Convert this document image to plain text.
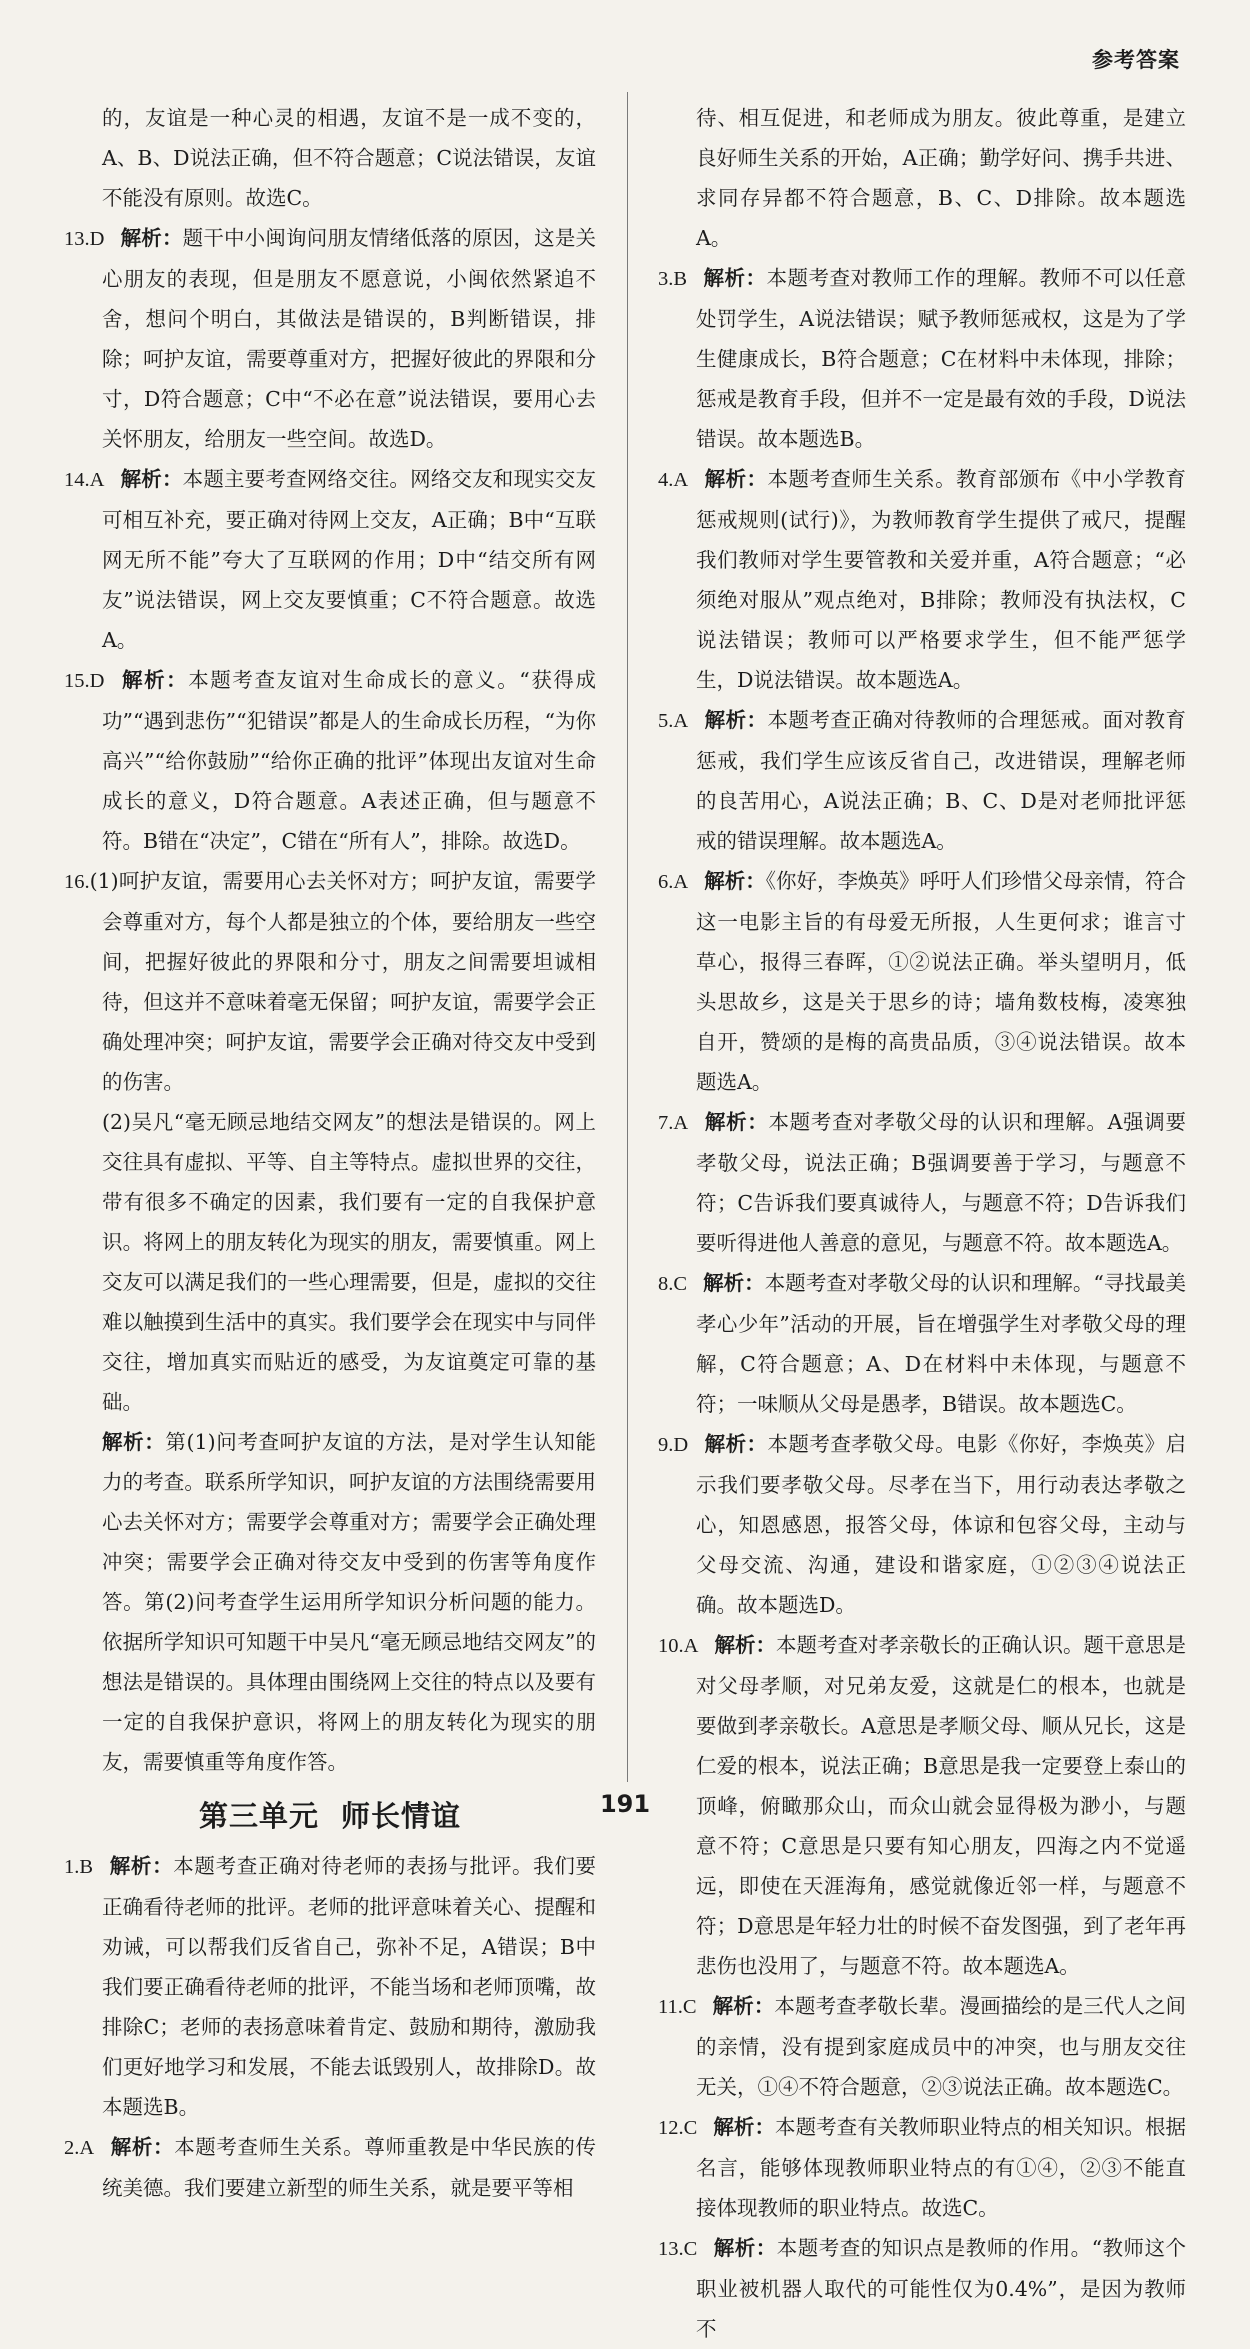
参考答案

的，友谊是一种心灵的相遇，友谊不是一成不变的，A、B、D说法正确，但不符合题意；C说法错误，友谊不能没有原则。故选C。

13.D 解析：题干中小闽询问朋友情绪低落的原因，这是关心朋友的表现，但是朋友不愿意说，小闽依然紧追不舍，想问个明白，其做法是错误的，B判断错误，排除；呵护友谊，需要尊重对方，把握好彼此的界限和分寸，D符合题意；C中“不必在意”说法错误，要用心去关怀朋友，给朋友一些空间。故选D。

14.A 解析：本题主要考查网络交往。网络交友和现实交友可相互补充，要正确对待网上交友，A正确；B中“互联网无所不能”夸大了互联网的作用；D中“结交所有网友”说法错误，网上交友要慎重；C不符合题意。故选A。

15.D 解析：本题考查友谊对生命成长的意义。“获得成功”“遇到悲伤”“犯错误”都是人的生命成长历程，“为你高兴”“给你鼓励”“给你正确的批评”体现出友谊对生命成长的意义，D符合题意。A表述正确，但与题意不符。B错在“决定”，C错在“所有人”，排除。故选D。

16.(1)呵护友谊，需要用心去关怀对方；呵护友谊，需要学会尊重对方，每个人都是独立的个体，要给朋友一些空间，把握好彼此的界限和分寸，朋友之间需要坦诚相待，但这并不意味着毫无保留；呵护友谊，需要学会正确处理冲突；呵护友谊，需要学会正确对待交友中受到的伤害。

(2)吴凡“毫无顾忌地结交网友”的想法是错误的。网上交往具有虚拟、平等、自主等特点。虚拟世界的交往，带有很多不确定的因素，我们要有一定的自我保护意识。将网上的朋友转化为现实的朋友，需要慎重。网上交友可以满足我们的一些心理需要，但是，虚拟的交往难以触摸到生活中的真实。我们要学会在现实中与同伴交往，增加真实而贴近的感受，为友谊奠定可靠的基础。

解析：第(1)问考查呵护友谊的方法，是对学生认知能力的考查。联系所学知识，呵护友谊的方法围绕需要用心去关怀对方；需要学会尊重对方；需要学会正确处理冲突；需要学会正确对待交友中受到的伤害等角度作答。第(2)问考查学生运用所学知识分析问题的能力。依据所学知识可知题干中吴凡“毫无顾忌地结交网友”的想法是错误的。具体理由围绕网上交往的特点以及要有一定的自我保护意识，将网上的朋友转化为现实的朋友，需要慎重等角度作答。

第三单元 师长情谊

1.B 解析：本题考查正确对待老师的表扬与批评。我们要正确看待老师的批评。老师的批评意味着关心、提醒和劝诫，可以帮我们反省自己，弥补不足，A错误；B中我们要正确看待老师的批评，不能当场和老师顶嘴，故排除C；老师的表扬意味着肯定、鼓励和期待，激励我们更好地学习和发展，不能去诋毁别人，故排除D。故本题选B。

2.A 解析：本题考查师生关系。尊师重教是中华民族的传统美德。我们要建立新型的师生关系，就是要平等相

待、相互促进，和老师成为朋友。彼此尊重，是建立良好师生关系的开始，A正确；勤学好问、携手共进、求同存异都不符合题意，B、C、D排除。故本题选A。

3.B 解析：本题考查对教师工作的理解。教师不可以任意处罚学生，A说法错误；赋予教师惩戒权，这是为了学生健康成长，B符合题意；C在材料中未体现，排除；惩戒是教育手段，但并不一定是最有效的手段，D说法错误。故本题选B。

4.A 解析：本题考查师生关系。教育部颁布《中小学教育惩戒规则(试行)》，为教师教育学生提供了戒尺，提醒我们教师对学生要管教和关爱并重，A符合题意；“必须绝对服从”观点绝对，B排除；教师没有执法权，C说法错误；教师可以严格要求学生，但不能严惩学生，D说法错误。故本题选A。

5.A 解析：本题考查正确对待教师的合理惩戒。面对教育惩戒，我们学生应该反省自己，改进错误，理解老师的良苦用心，A说法正确；B、C、D是对老师批评惩戒的错误理解。故本题选A。

6.A 解析：《你好，李焕英》呼吁人们珍惜父母亲情，符合这一电影主旨的有母爱无所报，人生更何求；谁言寸草心，报得三春晖，①②说法正确。举头望明月，低头思故乡，这是关于思乡的诗；墙角数枝梅，凌寒独自开，赞颂的是梅的高贵品质，③④说法错误。故本题选A。

7.A 解析：本题考查对孝敬父母的认识和理解。A强调要孝敬父母，说法正确；B强调要善于学习，与题意不符；C告诉我们要真诚待人，与题意不符；D告诉我们要听得进他人善意的意见，与题意不符。故本题选A。

8.C 解析：本题考查对孝敬父母的认识和理解。“寻找最美孝心少年”活动的开展，旨在增强学生对孝敬父母的理解，C符合题意；A、D在材料中未体现，与题意不符；一味顺从父母是愚孝，B错误。故本题选C。

9.D 解析：本题考查孝敬父母。电影《你好，李焕英》启示我们要孝敬父母。尽孝在当下，用行动表达孝敬之心，知恩感恩，报答父母，体谅和包容父母，主动与父母交流、沟通，建设和谐家庭，①②③④说法正确。故本题选D。

10.A 解析：本题考查对孝亲敬长的正确认识。题干意思是对父母孝顺，对兄弟友爱，这就是仁的根本，也就是要做到孝亲敬长。A意思是孝顺父母、顺从兄长，这是仁爱的根本，说法正确；B意思是我一定要登上泰山的顶峰，俯瞰那众山，而众山就会显得极为渺小，与题意不符；C意思是只要有知心朋友，四海之内不觉遥远，即使在天涯海角，感觉就像近邻一样，与题意不符；D意思是年轻力壮的时候不奋发图强，到了老年再悲伤也没用了，与题意不符。故本题选A。

11.C 解析：本题考查孝敬长辈。漫画描绘的是三代人之间的亲情，没有提到家庭成员中的冲突，也与朋友交往无关，①④不符合题意，②③说法正确。故本题选C。

12.C 解析：本题考查有关教师职业特点的相关知识。根据名言，能够体现教师职业特点的有①④，②③不能直接体现教师的职业特点。故选C。

13.C 解析：本题考查的知识点是教师的作用。“教师这个职业被机器人取代的可能性仅为0.4%”，是因为教师不

191
